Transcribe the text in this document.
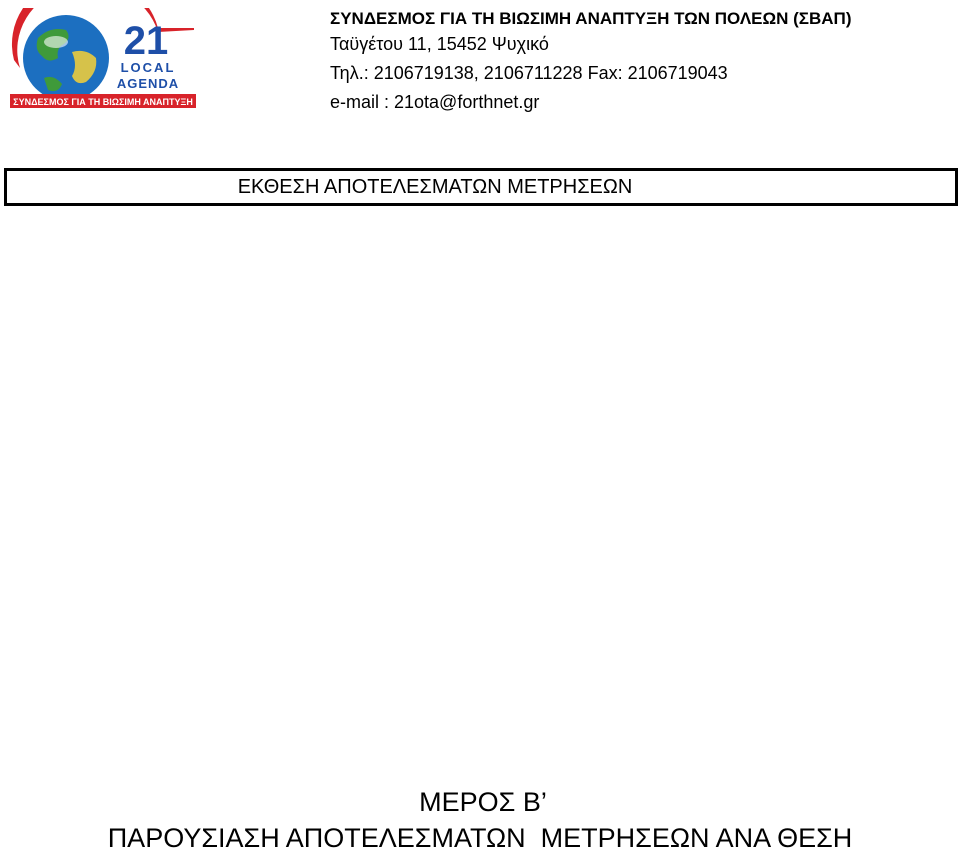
21
LOCAL
AGENDA
ΣΥΝΔΕΣΜΟΣ ΓΙΑ ΤΗ ΒΙΩΣΙΜΗ ΑΝΑΠΤΥΞΗ
ΣΥΝΔΕΣΜΟΣ ΓΙΑ ΤΗ ΒΙΩΣΙΜΗ ΑΝΑΠΤΥΞΗ ΤΩΝ ΠΟΛΕΩΝ (ΣΒΑΠ)
Ταϋγέτου 11, 15452 Ψυχικό
Τηλ.: 2106719138, 2106711228 Fax: 2106719043
e-mail : 21ota@forthnet.gr
ΕΚΘΕΣΗ ΑΠΟΤΕΛΕΣΜΑΤΩΝ ΜΕΤΡΗΣΕΩΝ
ΜΕΡΟΣ Β’
ΠΑΡΟΥΣΙΑΣΗ ΑΠΟΤΕΛΕΣΜΑΤΩΝ  ΜΕΤΡΗΣΕΩΝ ΑΝΑ ΘΕΣΗ
